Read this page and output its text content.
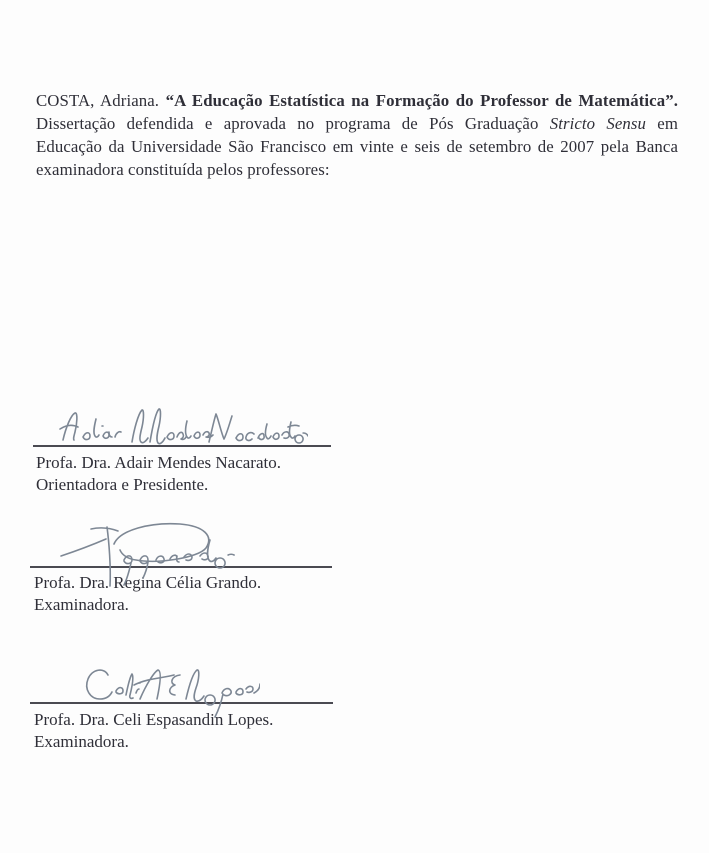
COSTA, Adriana. “A Educação Estatística na Formação do Professor de Matemática”.
Dissertação defendida e aprovada no programa de Pós Graduação Stricto Sensu em
Educação da Universidade São Francisco em vinte e seis de setembro de 2007 pela Banca
examinadora constituída pelos professores:
Profa. Dra. Adair Mendes Nacarato.
Orientadora e Presidente.
Profa. Dra. Regina Célia Grando.
Examinadora.
Profa. Dra. Celi Espasandin Lopes.
Examinadora.
